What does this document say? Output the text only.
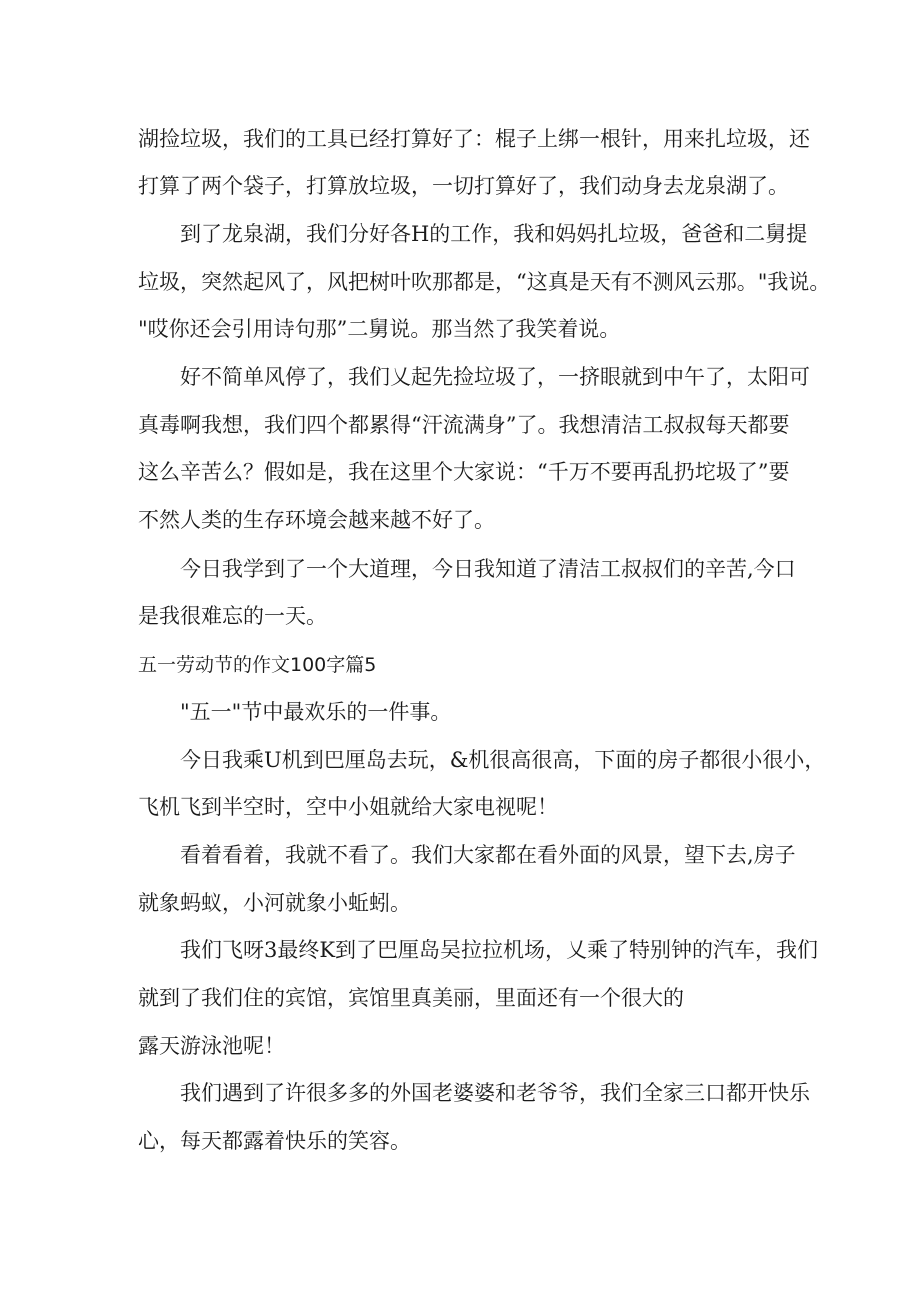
湖捡垃圾，我们的工具已经打算好了：棍子上绑一根针，用来扎垃圾，还

打算了两个袋子，打算放垃圾，一切打算好了，我们动身去龙泉湖了。

到了龙泉湖，我们分好各H的工作，我和妈妈扎垃圾，爸爸和二舅提

垃圾，突然起风了，风把树叶吹那都是，“这真是天有不测风云那。"我说。

"哎你还会引用诗句那”二舅说。那当然了我笑着说。

好不简单风停了，我们乂起先捡垃圾了，一挤眼就到中午了，太阳可

真毒啊我想，我们四个都累得“汗流满身”了。我想清洁工叔叔每天都要

这么辛苦么？假如是，我在这里个大家说：“千万不要再乱扔坨圾了”要

不然人类的生存环境会越来越不好了。

今日我学到了一个大道理，今日我知道了清洁工叔叔们的辛苦,今口

是我很难忘的一天。

五一劳动节的作文100字篇5

"五一"节中最欢乐的一件事。

今日我乘U机到巴厘岛去玩，&机很高很高，下面的房子都很小很小，

飞机飞到半空时，空中小姐就给大家电视呢！

看着看着，我就不看了。我们大家都在看外面的风景，望下去,房子

就象蚂蚁，小河就象小蚯蚓。

我们飞呀3最终K到了巴厘岛吴拉拉机场，乂乘了特别钟的汽车，我们

就到了我们住的宾馆，宾馆里真美丽，里面还有一个很大的

露天游泳池呢！

我们遇到了许很多多的外国老婆婆和老爷爷，我们全家三口都开快乐

心，每天都露着快乐的笑容。
